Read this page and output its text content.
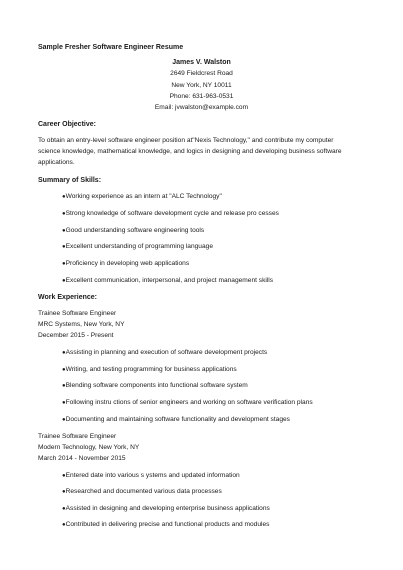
Sample Fresher Software Engineer Resume
James V. Walston
2649 Fieldcrest Road
New York, NY 10011
Phone: 631-963-0531
Email: jvwalston@example.com
Career Objective:
To obtain an entry-level software engineer position at"Nexis Technology," and contribute my computer
science knowledge, mathematical knowledge, and logics in designing and developing business software
applications.
Summary of Skills:
●Working experience as an intern at "ALC Technology"
●Strong knowledge of software development cycle and release pro cesses
●Good understanding software engineering tools
●Excellent understanding of programming language
●Proficiency in developing web applications
●Excellent communication, interpersonal, and project management skills
Work Experience:
Trainee Software Engineer
MRC Systems, New York, NY
December 2015 - Present
●Assisting in planning and execution of software development projects
●Writing, and testing programming for business applications
●Blending software components into functional software system
●Following instru ctions of senior engineers and working on software verification plans
●Documenting and maintaining software functionality and development stages
Trainee Software Engineer
Modern Technology, New York, NY
March 2014 - November 2015
●Entered date into various s ystems and updated information
●Researched and documented various data processes
●Assisted in designing and developing enterprise business applications
●Contributed in delivering precise and functional products and modules
